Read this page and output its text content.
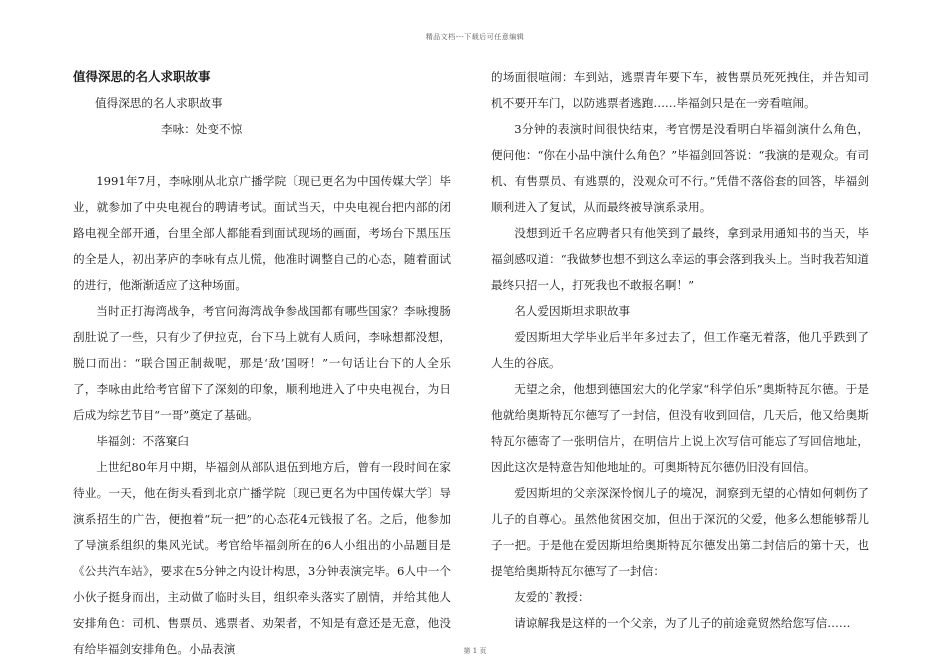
精品文档---下载后可任意编辑

值得深思的名人求职故事

值得深思的名人求职故事

李咏：处变不惊

1991年7月，李咏刚从北京广播学院〔现已更名为中国传媒大学〕毕业，就参加了中央电视台的聘请考试。面试当天，中央电视台把内部的闭路电视全部开通，台里全部人都能看到面试现场的画面，考场台下黑压压的全是人，初出茅庐的李咏有点儿慌，他准时调整自己的心态，随着面试的进行，他渐渐适应了这种场面。

当时正打海湾战争，考官问海湾战争参战国都有哪些国家？李咏搜肠刮肚说了一些，只有少了伊拉克，台下马上就有人质问，李咏想都没想，脱口而出：“联合国正制裁呢，那是‘敌’国呀！”一句话让台下的人全乐了，李咏由此给考官留下了深刻的印象，顺利地进入了中央电视台，为日后成为综艺节目“一哥”奠定了基础。

毕福剑：不落窠臼

上世纪80年月中期，毕福剑从部队退伍到地方后，曾有一段时间在家待业。一天，他在街头看到北京广播学院〔现已更名为中国传媒大学〕导演系招生的广告，便抱着“玩一把”的心态花4元钱报了名。之后，他参加了导演系组织的集风光试。考官给毕福剑所在的6人小组出的小品题目是《公共汽车站》，要求在5分钟之内设计构思，3分钟表演完毕。6人中一个小伙子挺身而出，主动做了临时头目，组织牵头落实了剧情，并给其他人安排角色：司机、售票员、逃票者、劝架者，不知是有意还是无意，他没有给毕福剑安排角色。小品表演

的场面很喧闹：车到站，逃票青年要下车，被售票员死死拽住，并告知司机不要开车门，以防逃票者逃跑……毕福剑只是在一旁看喧闹。

3分钟的表演时间很快结束，考官愣是没看明白毕福剑演什么角色，便问他：“你在小品中演什么角色？”毕福剑回答说：“我演的是观众。有司机、有售票员、有逃票的，没观众可不行。”凭借不落俗套的回答，毕福剑顺利进入了复试，从而最终被导演系录用。

没想到近千名应聘者只有他笑到了最终，拿到录用通知书的当天，毕福剑感叹道：“我做梦也想不到这么幸运的事会落到我头上。当时我若知道最终只招一人，打死我也不敢报名啊！”

名人爱因斯坦求职故事

爱因斯坦大学毕业后半年多过去了，但工作毫无着落，他几乎跌到了人生的谷底。

无望之余，他想到德国宏大的化学家“科学伯乐”奥斯特瓦尔德。于是他就给奥斯特瓦尔德写了一封信，但没有收到回信，几天后，他又给奥斯特瓦尔德寄了一张明信片，在明信片上说上次写信可能忘了写回信地址，因此这次是特意告知他地址的。可奥斯特瓦尔德仍旧没有回信。

爱因斯坦的父亲深深怜悯儿子的境况，洞察到无望的心情如何刺伤了儿子的自尊心。虽然他贫困交加，但出于深沉的父爱，他多么想能够帮儿子一把。于是他在爱因斯坦给奥斯特瓦尔德发出第二封信后的第十天，也提笔给奥斯特瓦尔德写了一封信：

友爱的`教授：

请谅解我是这样的一个父亲，为了儿子的前途竟贸然给您写信……

第 1 页
